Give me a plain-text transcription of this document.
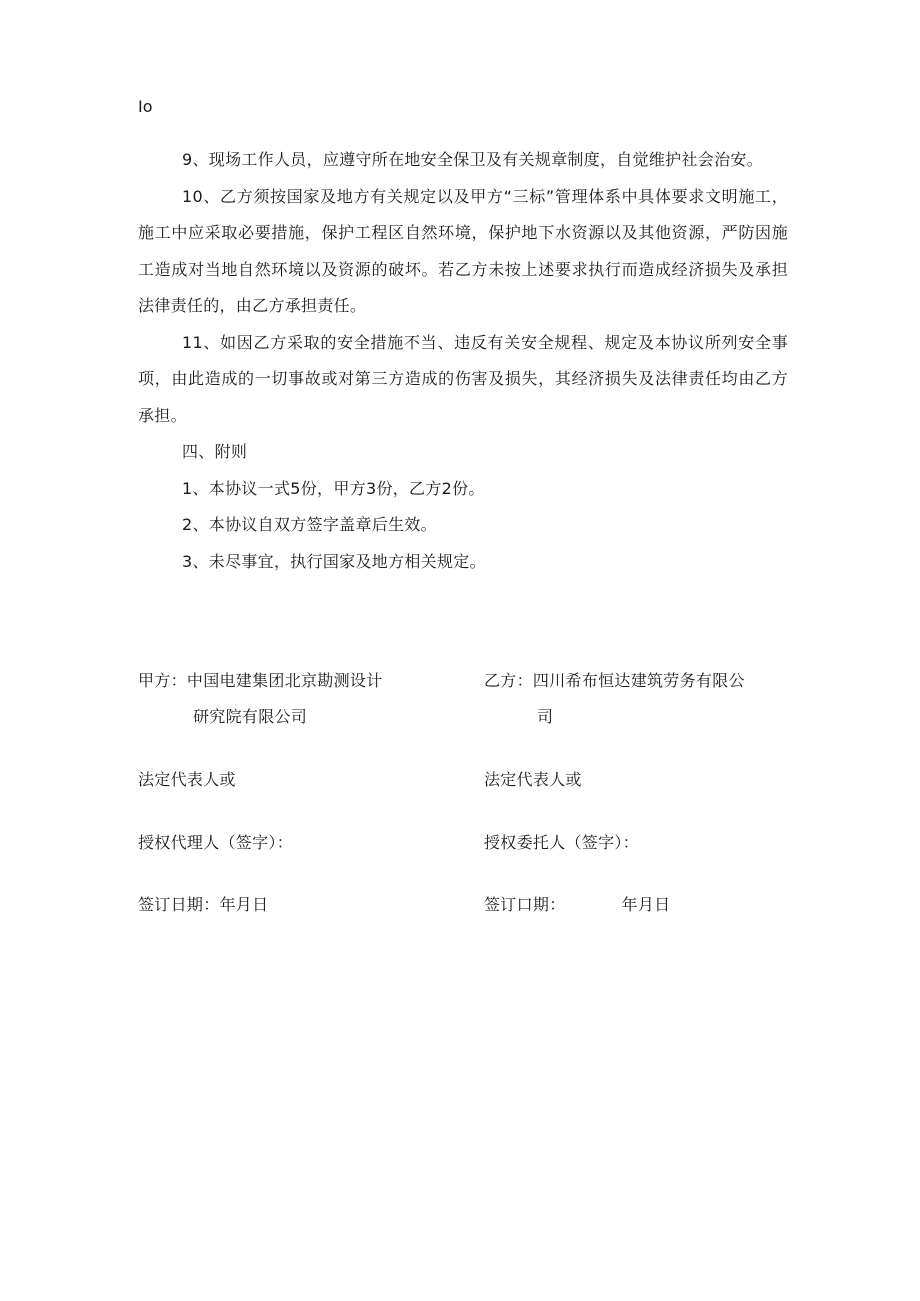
Io

9、现场工作人员，应遵守所在地安全保卫及有关规章制度，自觉维护社会治安。

10、乙方须按国家及地方有关规定以及甲方“三标”管理体系中具体要求文明施工，施工中应采取必要措施，保护工程区自然环境，保护地下水资源以及其他资源，严防因施工造成对当地自然环境以及资源的破坏。若乙方未按上述要求执行而造成经济损失及承担法律责任的，由乙方承担责任。

11、如因乙方采取的安全措施不当、违反有关安全规程、规定及本协议所列安全事项，由此造成的一切事故或对第三方造成的伤害及损失，其经济损失及法律责任均由乙方承担。

四、附则

1、本协议一式5份，甲方3份，乙方2份。

2、本协议自双方签字盖章后生效。

3、未尽事宜，执行国家及地方相关规定。

甲方：中国电建集团北京勘测设计
研究院有限公司
法定代表人或
授权代理人（签字）：
签订日期：年月日
乙方：四川希布恒达建筑劳务有限公
司
法定代表人或
授权委托人（签字）：
签订口期：	年月日
